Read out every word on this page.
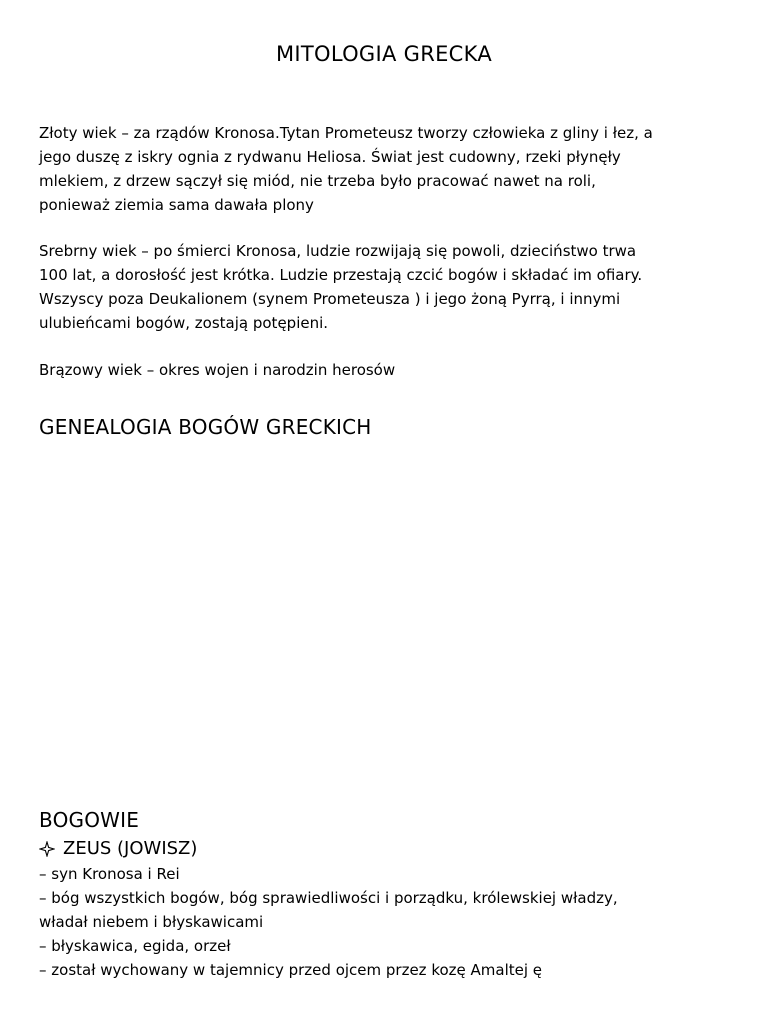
MITOLOGIA GRECKA

Złoty wiek – za rządów Kronosa.Tytan Prometeusz tworzy człowieka z gliny i łez, a
jego duszę z iskry ognia z rydwanu Heliosa. Świat jest cudowny, rzeki płynęły
mlekiem, z drzew sączył się miód, nie trzeba było pracować nawet na roli,
ponieważ ziemia sama dawała plony

Srebrny wiek – po śmierci Kronosa, ludzie rozwijają się powoli, dzieciństwo trwa
100 lat, a dorosłość jest krótka. Ludzie przestają czcić bogów i składać im ofiary.
Wszyscy poza Deukalionem (synem Prometeusza ) i jego żoną Pyrrą, i innymi
ulubieńcami bogów, zostają potępieni.

Brązowy wiek – okres wojen i narodzin herosów

GENEALOGIA BOGÓW GRECKICH
BOGOWIE
ZEUS (JOWISZ)
– syn Kronosa i Rei
– bóg wszystkich bogów, bóg sprawiedliwości i porządku, królewskiej władzy,
władał niebem i błyskawicami
– błyskawica, egida, orzeł
– został wychowany w tajemnicy przed ojcem przez kozę Amaltej ę
